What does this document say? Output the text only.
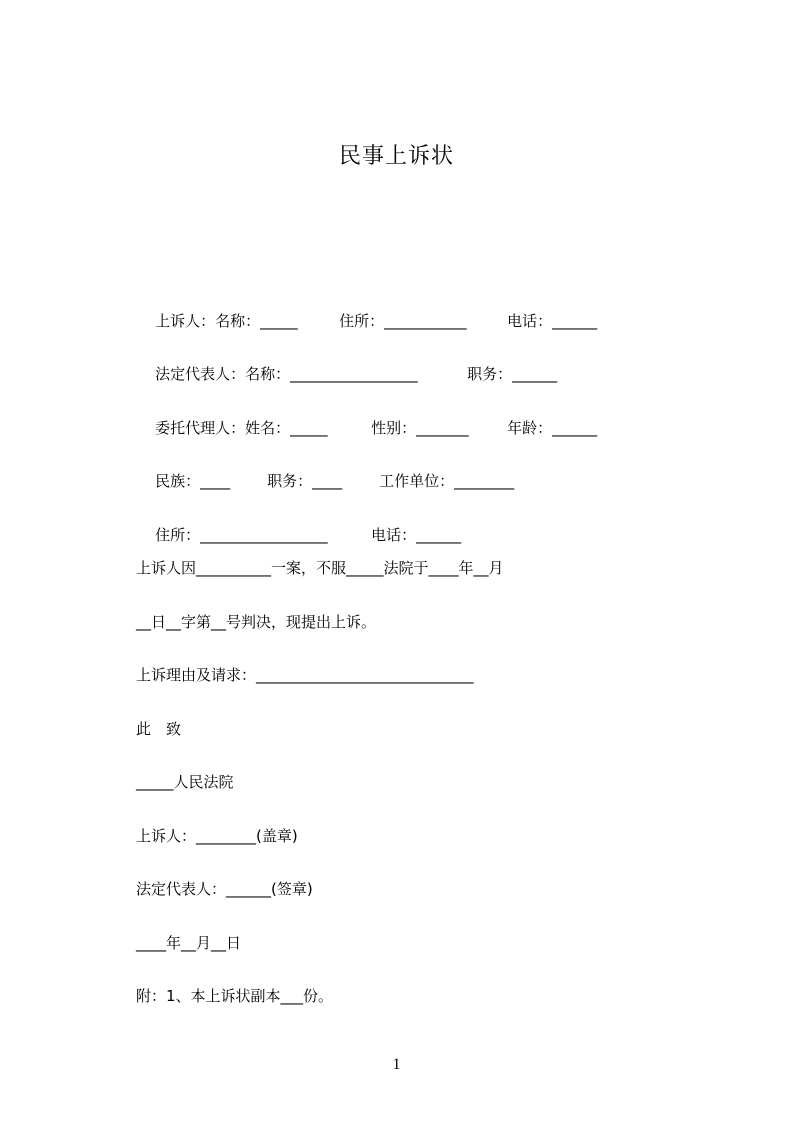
民事上诉状

上诉人：名称：_____	住所：___________	电话：______

法定代表人：名称：_________________	职务：______

委托代理人：姓名：_____	性别：_______	年龄：______

民族：____ 职务：____ 工作单位：________

住所：_________________	电话：______

上诉人因__________一案，不服_____法院于____年__月
__日__字第__号判决，现提出上诉。
上诉理由及请求：_____________________________
此　致
_____人民法院
上诉人：________(盖章)
法定代表人：______(签章)
____年__月__日
附：1、本上诉状副本___份。
1
